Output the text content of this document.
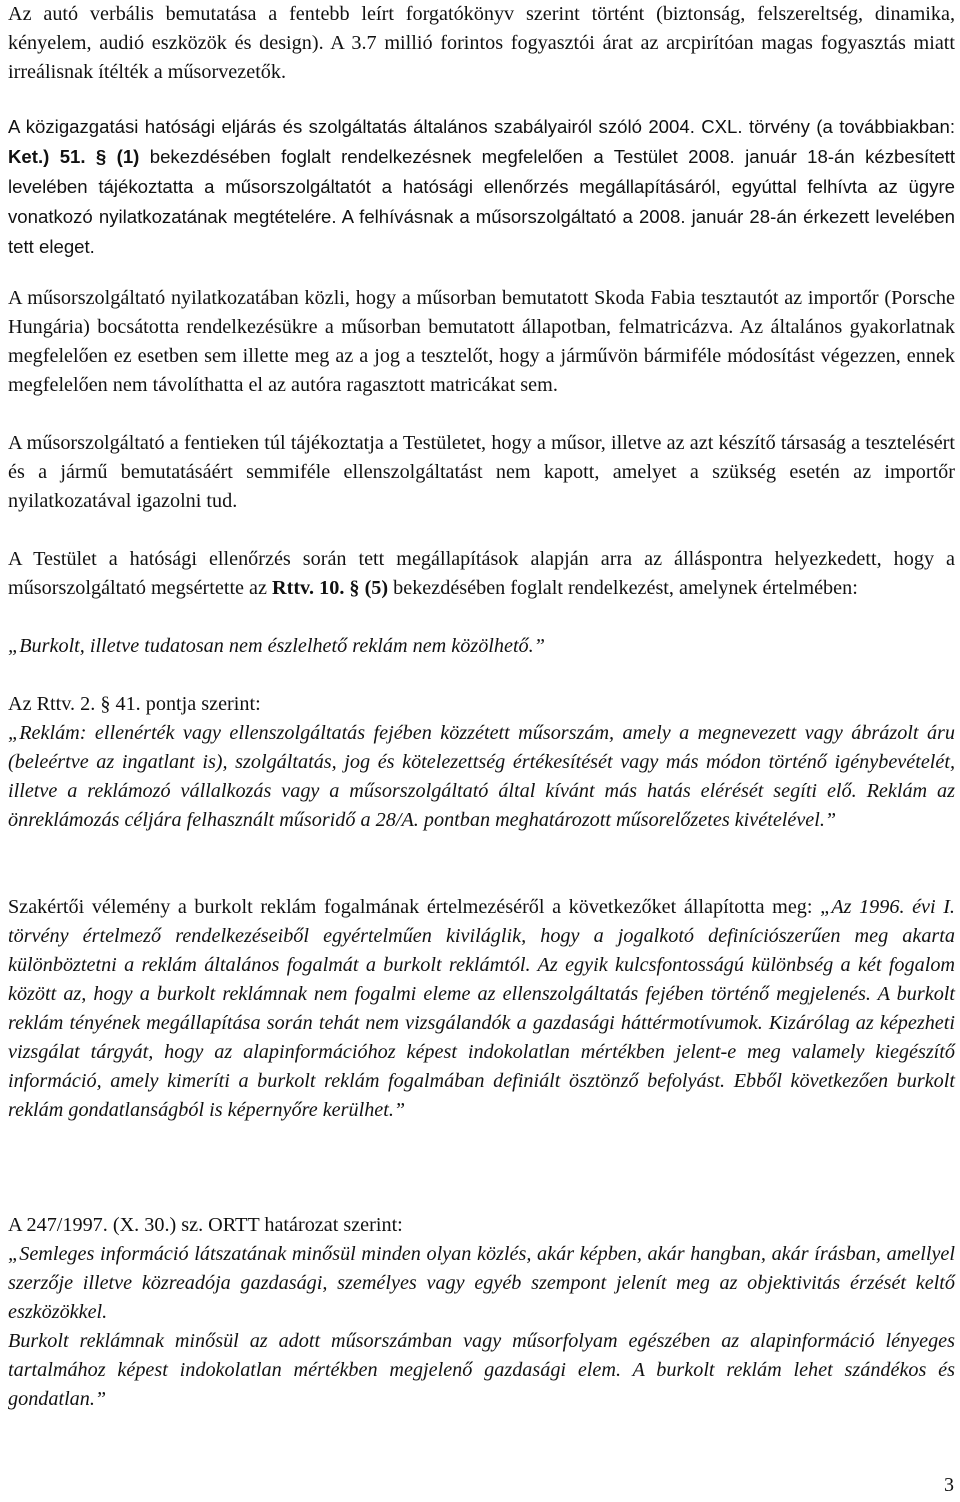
Az autó verbális bemutatása a fentebb leírt forgatókönyv szerint történt (biztonság, felszereltség, dinamika, kényelem, audió eszközök és design). A 3.7 millió forintos fogyasztói árat az arcpirítóan magas fogyasztás miatt irreálisnak ítélték a műsorvezetők.
A közigazgatási hatósági eljárás és szolgáltatás általános szabályairól szóló 2004. CXL. törvény (a továbbiakban: Ket.) 51. § (1) bekezdésében foglalt rendelkezésnek megfelelően a Testület 2008. január 18-án kézbesített levelében tájékoztatta a műsorszolgáltatót a hatósági ellenőrzés megállapításáról, egyúttal felhívta az ügyre vonatkozó nyilatkozatának megtételére. A felhívásnak a műsorszolgáltató a 2008. január 28-án érkezett levelében tett eleget.
A műsorszolgáltató nyilatkozatában közli, hogy a műsorban bemutatott Skoda Fabia tesztautót az importőr (Porsche Hungária) bocsátotta rendelkezésükre a műsorban bemutatott állapotban, felmatricázva. Az általános gyakorlatnak megfelelően ez esetben sem illette meg az a jog a tesztelőt, hogy a járművön bármiféle módosítást végezzen, ennek megfelelően nem távolíthatta el az autóra ragasztott matricákat sem.
A műsorszolgáltató a fentieken túl tájékoztatja a Testületet, hogy a műsor, illetve az azt készítő társaság a tesztelésért és a jármű bemutatásáért semmiféle ellenszolgáltatást nem kapott, amelyet a szükség esetén az importőr nyilatkozatával igazolni tud.
A Testület a hatósági ellenőrzés során tett megállapítások alapján arra az álláspontra helyezkedett, hogy a műsorszolgáltató megsértette az Rttv. 10. § (5) bekezdésében foglalt rendelkezést, amelynek értelmében:
„Burkolt, illetve tudatosan nem észlelhető reklám nem közölhető.”
Az Rttv. 2. § 41. pontja szerint:
„Reklám: ellenérték vagy ellenszolgáltatás fejében közzétett műsorszám, amely a megnevezett vagy ábrázolt áru (beleértve az ingatlant is), szolgáltatás, jog és kötelezettség értékesítését vagy más módon történő igénybevételét, illetve a reklámozó vállalkozás vagy a műsorszolgáltató által kívánt más hatás elérését segíti elő. Reklám az önreklámozás céljára felhasznált műsoridő a 28/A. pontban meghatározott műsorelőzetes kivételével.”
Szakértői vélemény a burkolt reklám fogalmának értelmezéséről a következőket állapította meg: „Az 1996. évi I. törvény értelmező rendelkezéseiből egyértelműen kiviláglik, hogy a jogalkotó definíciószerűen meg akarta különböztetni a reklám általános fogalmát a burkolt reklámtól. Az egyik kulcsfontosságú különbség a két fogalom között az, hogy a burkolt reklámnak nem fogalmi eleme az ellenszolgáltatás fejében történő megjelenés. A burkolt reklám tényének megállapítása során tehát nem vizsgálandók a gazdasági háttérmotívumok. Kizárólag az képezheti vizsgálat tárgyát, hogy az alapinformációhoz képest indokolatlan mértékben jelent-e meg valamely kiegészítő információ, amely kimeríti a burkolt reklám fogalmában definiált ösztönző befolyást. Ebből következően burkolt reklám gondatlanságból is képernyőre kerülhet.”
A 247/1997. (X. 30.) sz. ORTT határozat szerint:
„Semleges információ látszatának minősül minden olyan közlés, akár képben, akár hangban, akár írásban, amellyel szerzője illetve közreadója gazdasági, személyes vagy egyéb szempont jelenít meg az objektivitás érzését keltő eszközökkel.
Burkolt reklámnak minősül az adott műsorszámban vagy műsorfolyam egészében az alapinformáció lényeges tartalmához képest indokolatlan mértékben megjelenő gazdasági elem. A burkolt reklám lehet szándékos és gondatlan.”
3
